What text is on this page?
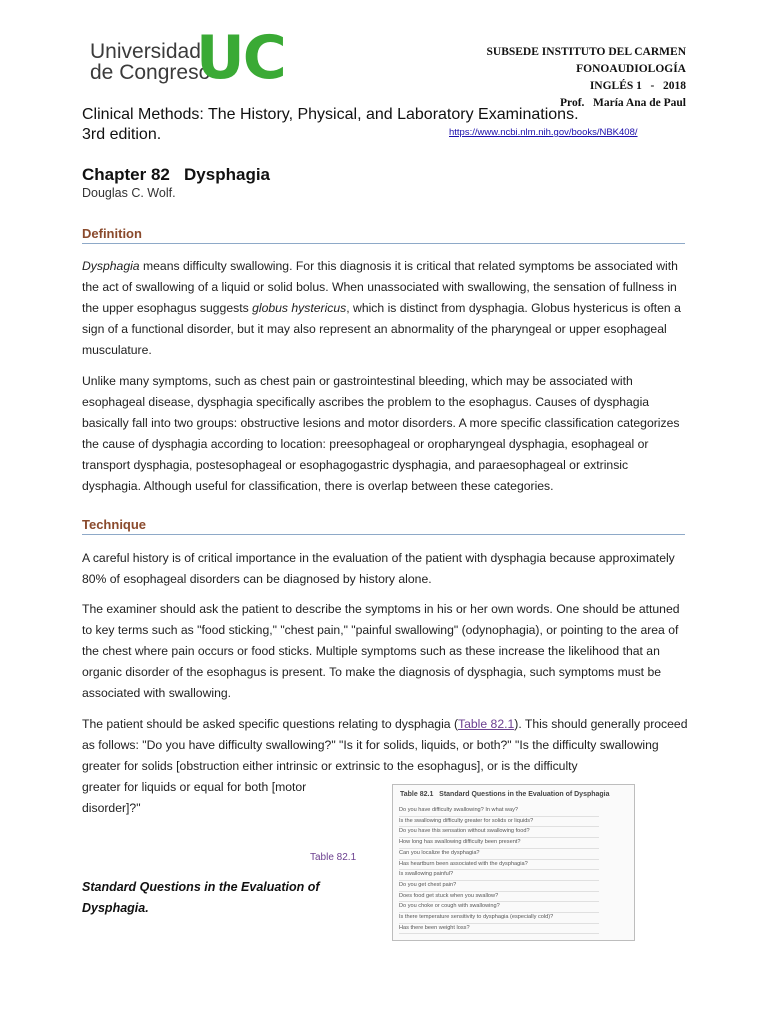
Universidad
de Congreso
UC	SUBSEDE INSTITUTO DEL CARMEN
FONOAUDIOLOGÍA
INGLÉS 1   -   2018
Prof.   María Ana de Paul
Clinical Methods: The History, Physical, and Laboratory Examinations.
3rd edition.	https://www.ncbi.nlm.nih.gov/books/NBK408/
Chapter 82   Dysphagia
Douglas C. Wolf.
Definition

Dysphagia means difficulty swallowing. For this diagnosis it is critical that related symptoms be associated with the act of swallowing of a liquid or solid bolus. When unassociated with swallowing, the sensation of fullness in the upper esophagus suggests globus hystericus, which is distinct from dysphagia. Globus hystericus is often a sign of a functional disorder, but it may also represent an abnormality of the pharyngeal or upper esophageal musculature.

Unlike many symptoms, such as chest pain or gastrointestinal bleeding, which may be associated with esophageal disease, dysphagia specifically ascribes the problem to the esophagus. Causes of dysphagia basically fall into two groups: obstructive lesions and motor disorders. A more specific classification categorizes the cause of dysphagia according to location: preesophageal or oropharyngeal dysphagia, esophageal or transport dysphagia, postesophageal or esophagogastric dysphagia, and paraesophageal or extrinsic dysphagia. Although useful for classification, there is overlap between these categories.
Technique
A careful history is of critical importance in the evaluation of the patient with dysphagia because approximately 80% of esophageal disorders can be diagnosed by history alone.
The examiner should ask the patient to describe the symptoms in his or her own words. One should be attuned to key terms such as "food sticking," "chest pain," "painful swallowing" (odynophagia), or pointing to the area of the chest where pain occurs or food sticks. Multiple symptoms such as these increase the likelihood that an organic disorder of the esophagus is present. To make the diagnosis of dysphagia, such symptoms must be associated with swallowing.

The patient should be asked specific questions relating to dysphagia (Table 82.1). This should generally proceed as follows: "Do you have difficulty swallowing?" "Is it for solids, liquids, or both?" "Is the difficulty swallowing greater for solids [obstruction either intrinsic or extrinsic to the esophagus], or is the difficulty

greater for liquids or equal for both [motor

disorder]?"

Table 82.1
Standard Questions in the Evaluation of Dysphagia.
Table 82.1   Standard Questions in the Evaluation of Dysphagia
Do you have difficulty swallowing? In what way?
Is the swallowing difficulty greater for solids or liquids?
Do you have this sensation without swallowing food?
How long has swallowing difficulty been present?
Can you localize the dysphagia?
Has heartburn been associated with the dysphagia?
Is swallowing painful?
Do you get chest pain?
Does food get stuck when you swallow?
Do you choke or cough with swallowing?
Is there temperature sensitivity to dysphagia (especially cold)?
Has there been weight loss?
